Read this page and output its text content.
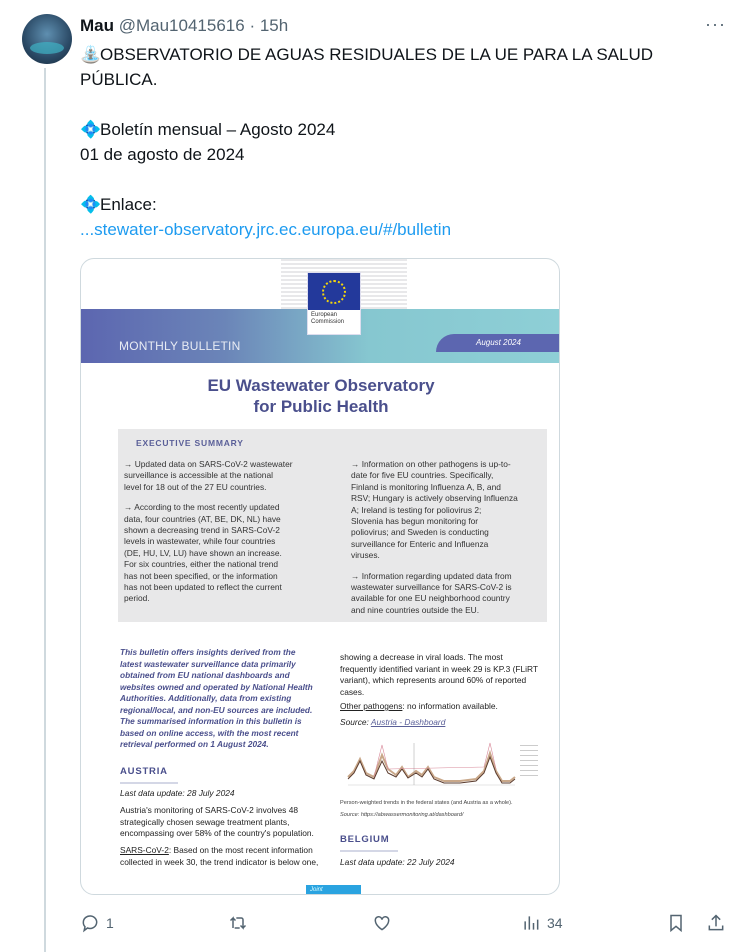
Mau @Mau10415616 · 15h	···
⛲OBSERVATORIO DE AGUAS RESIDUALES DE LA UE PARA LA SALUD
PÚBLICA.
💠Boletín mensual – Agosto 2024
01 de agosto de 2024
💠Enlace:
...stewater-observatory.jrc.ec.europa.eu/#/bulletin
August 2024
European
Commission
MONTHLY BULLETIN
EU Wastewater Observatory
for Public Health
EXECUTIVE SUMMARY

→ Updated data on SARS-CoV-2 wastewater
surveillance is accessible at the national
level for 18 out of the 27 EU countries.

→ According to the most recently updated
data, four countries (AT, BE, DK, NL) have
shown a decreasing trend in SARS-CoV-2
levels in wastewater, while four countries
(DE, HU, LV, LU) have shown an increase.
For six countries, either the national trend
has not been specified, or the information
has not been updated to reflect the current
period.

→ Information on other pathogens is up-to-
date for five EU countries. Specifically,
Finland is monitoring Influenza A, B, and
RSV; Hungary is actively observing Influenza
A; Ireland is testing for poliovirus 2;
Slovenia has begun monitoring for
poliovirus; and Sweden is conducting
surveillance for Enteric and Influenza
viruses.

→ Information regarding updated data from
wastewater surveillance for SARS-CoV-2 is
available for one EU neighborhood country
and nine countries outside the EU.

This bulletin offers insights derived from the
latest wastewater surveillance data primarily
obtained from EU national dashboards and
websites owned and operated by National Health
Authorities. Additionally, data from existing
regional/local, and non-EU sources are included.
The summarised information in this bulletin is
based on online access, with the most recent
retrieval performed on 1 August 2024.
AUSTRIA
Last data update: 28 July 2024
Austria's monitoring of SARS-CoV-2 involves 48
strategically chosen sewage treatment plants,
encompassing over 58% of the country's population.
SARS-CoV-2: Based on the most recent information
collected in week 30, the trend indicator is below one,
showing a decrease in viral loads. The most
frequently identified variant in week 29 is KP.3 (FLiRT
variant), which represents around 60% of reported
cases.
Other pathogens: no information available.
Source: Austria - Dashboard
Person-weighted trends in the federal states (and Austria as a whole).
Source: https://abwassermonitoring.at/dashboard/
BELGIUM
Last data update: 22 July 2024
Joint
1	34
